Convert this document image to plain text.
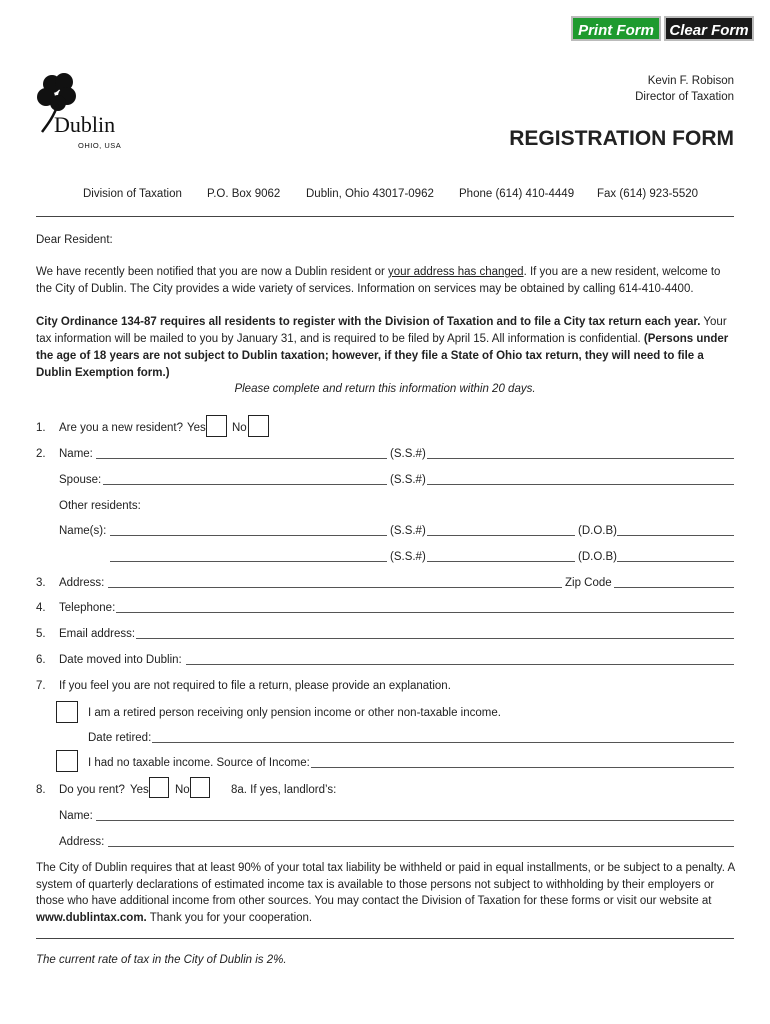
Print Form	Clear Form
Dublin
OHIO, USA
Kevin F. Robison
Director of Taxation
REGISTRATION FORM
Division of Taxation P.O. Box 9062 Dublin, Ohio 43017-0962 Phone (614) 410-4449 Fax (614) 923-5520
Dear Resident:
We have recently been notified that you are now a Dublin resident or your address has changed. If you are a new resident, welcome to the City of Dublin. The City provides a wide variety of services. Information on services may be obtained by calling 614-410-4400.
City Ordinance 134-87 requires all residents to register with the Division of Taxation and to file a City tax return each year. Your tax information will be mailed to you by January 31, and is required to be filed by April 15. All information is confidential. (Persons under the age of 18 years are not subject to Dublin taxation; however, if they file a State of Ohio tax return, they will need to file a Dublin Exemption form.)
Please complete and return this information within 20 days.
1. Are you a new resident? Yes No
2. Name:	(S.S.#)
Spouse:	(S.S.#)
Other residents:
Name(s):	(S.S.#)	(D.O.B)
(S.S.#)	(D.O.B)
3. Address:	Zip Code
4. Telephone:
5. Email address:
6. Date moved into Dublin:
7. If you feel you are not required to file a return, please provide an explanation.
I am a retired person receiving only pension income or other non-taxable income.
Date retired:
I had no taxable income. Source of Income:
8. Do you rent? Yes No	8a. If yes, landlord’s:
Name:
Address:
The City of Dublin requires that at least 90% of your total tax liability be withheld or paid in equal installments, or be subject to a penalty. A system of quarterly declarations of estimated income tax is available to those persons not subject to withholding by their employers or those who have additional income from other sources. You may contact the Division of Taxation for these forms or visit our website at www.dublintax.com. Thank you for your cooperation.
The current rate of tax in the City of Dublin is 2%.
